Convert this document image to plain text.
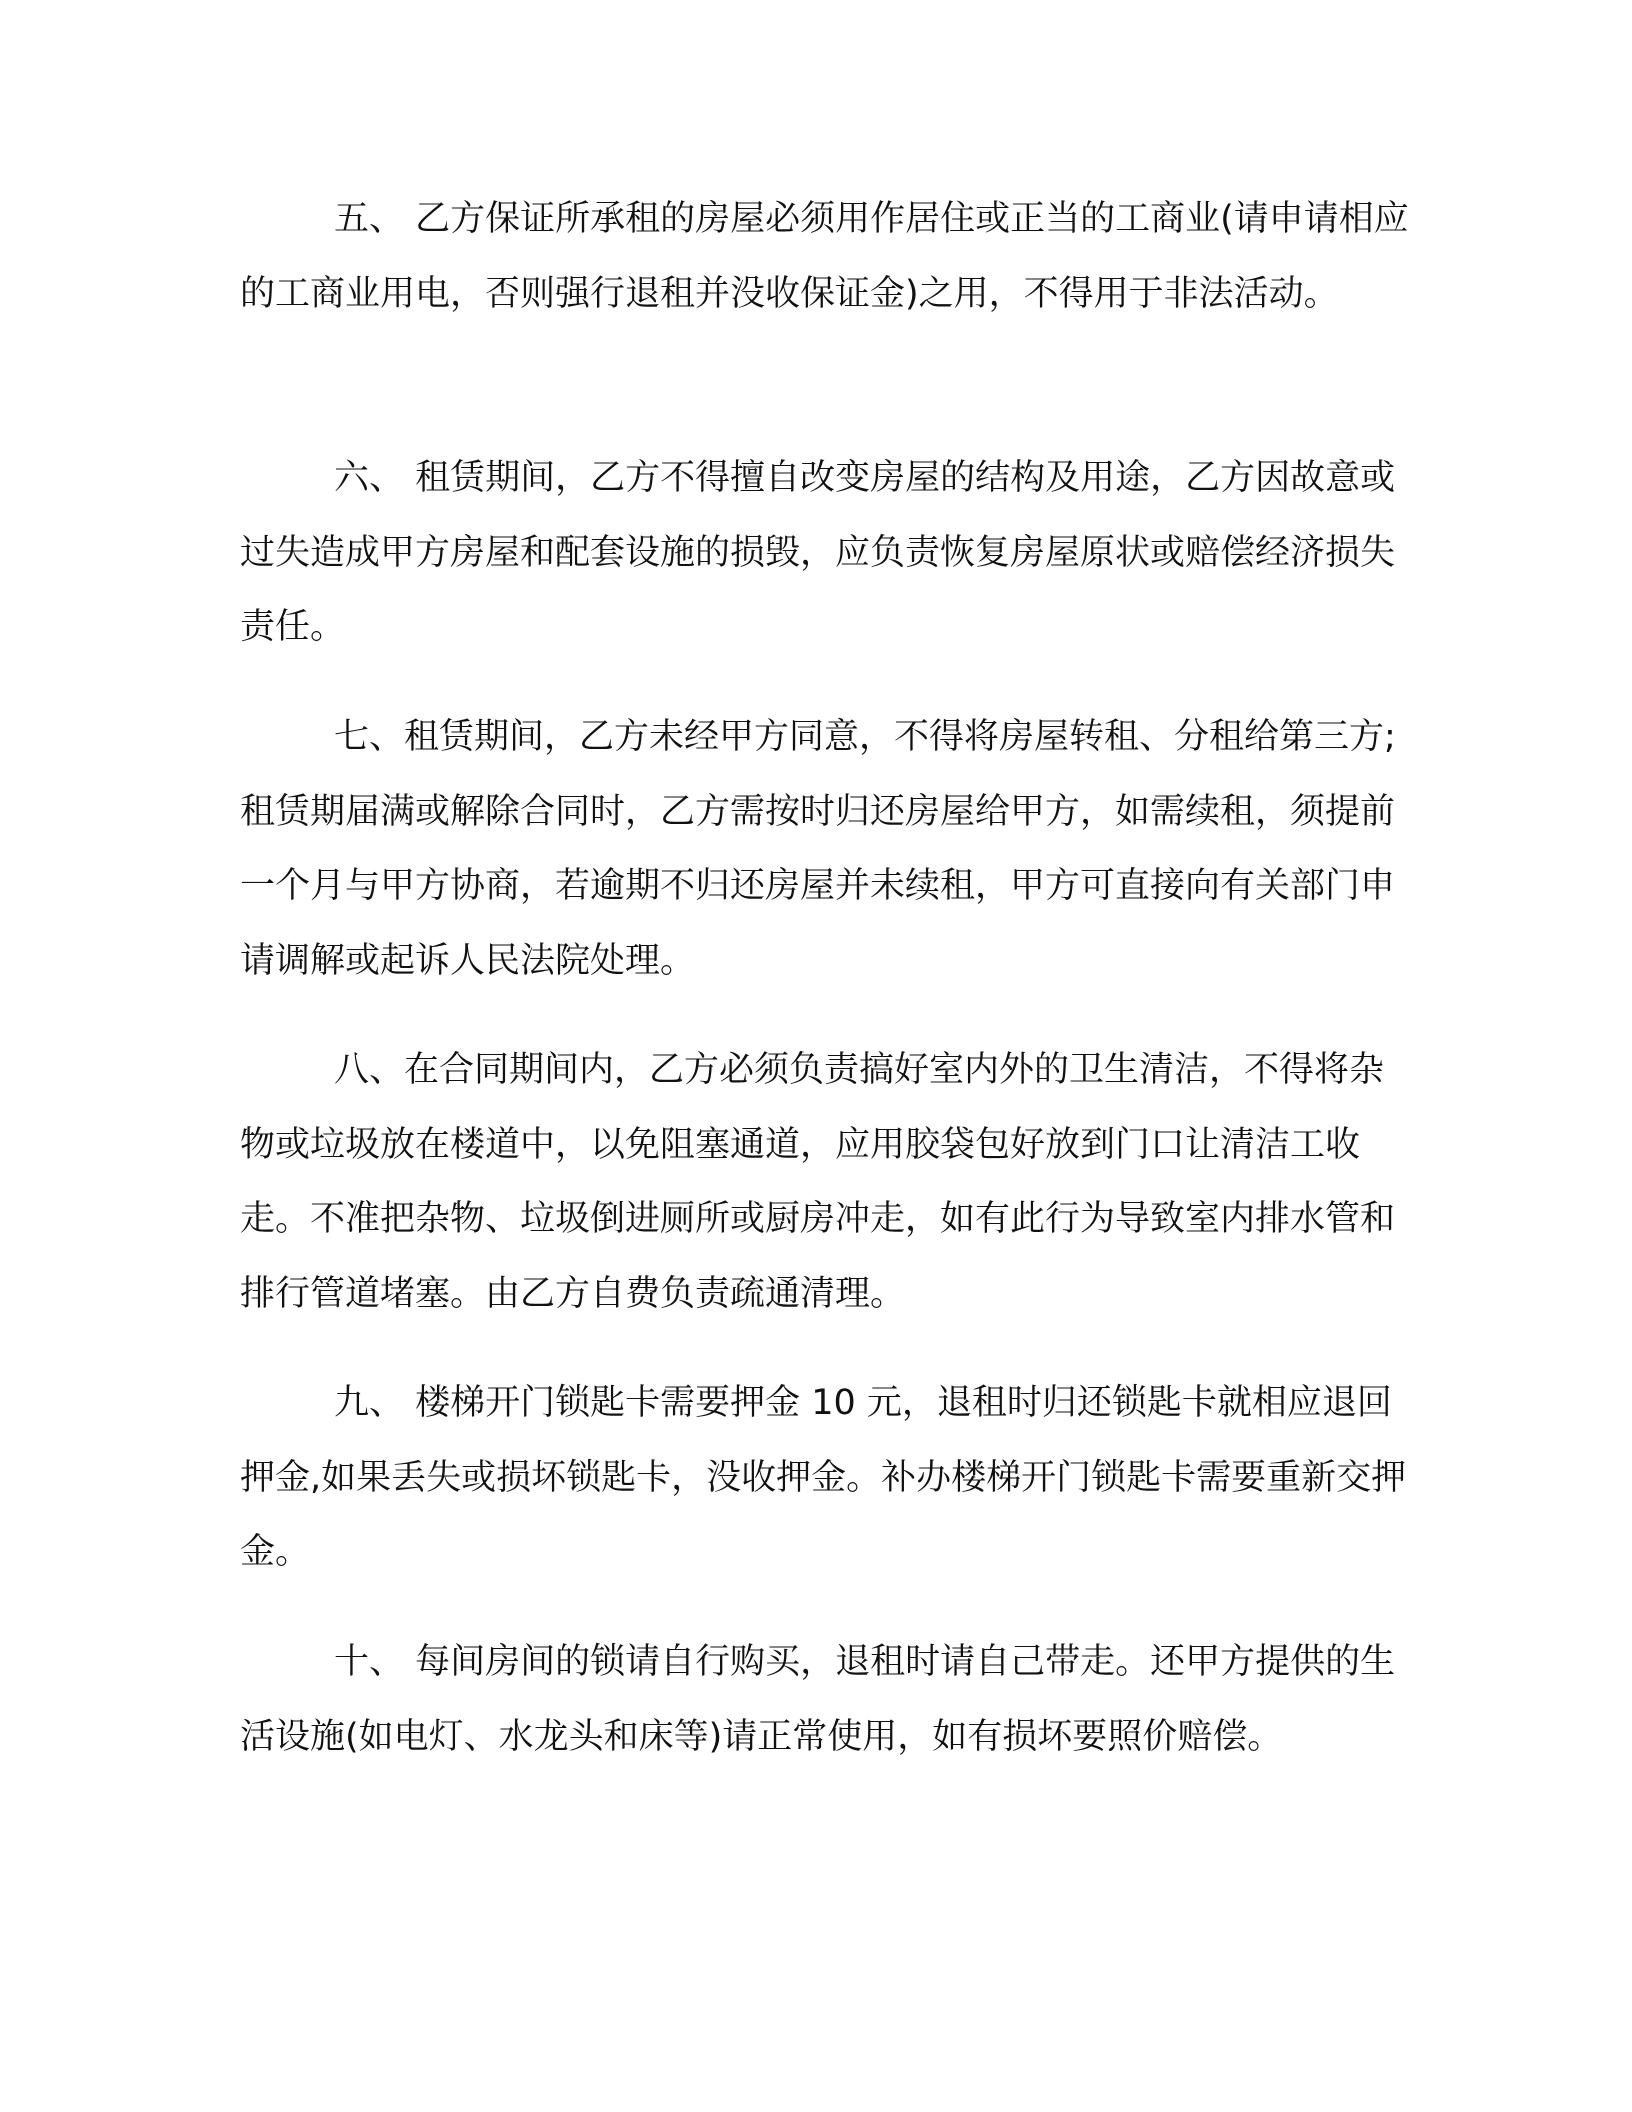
五、 乙方保证所承租的房屋必须用作居住或正当的工商业(请申请相应的工商业用电，否则强行退租并没收保证金)之用，不得用于非法活动。

六、 租赁期间，乙方不得擅自改变房屋的结构及用途，乙方因故意或过失造成甲方房屋和配套设施的损毁，应负责恢复房屋原状或赔偿经济损失责任。

七、租赁期间，乙方未经甲方同意，不得将房屋转租、分租给第三方;租赁期届满或解除合同时，乙方需按时归还房屋给甲方，如需续租，须提前一个月与甲方协商，若逾期不归还房屋并未续租，甲方可直接向有关部门申请调解或起诉人民法院处理。

八、在合同期间内，乙方必须负责搞好室内外的卫生清洁，不得将杂物或垃圾放在楼道中，以免阻塞通道，应用胶袋包好放到门口让清洁工收走。不准把杂物、垃圾倒进厕所或厨房冲走，如有此行为导致室内排水管和排行管道堵塞。由乙方自费负责疏通清理。

九、 楼梯开门锁匙卡需要押金 10 元，退租时归还锁匙卡就相应退回押金,如果丢失或损坏锁匙卡，没收押金。补办楼梯开门锁匙卡需要重新交押金。

十、 每间房间的锁请自行购买，退租时请自己带走。还甲方提供的生活设施(如电灯、水龙头和床等)请正常使用，如有损坏要照价赔偿。
